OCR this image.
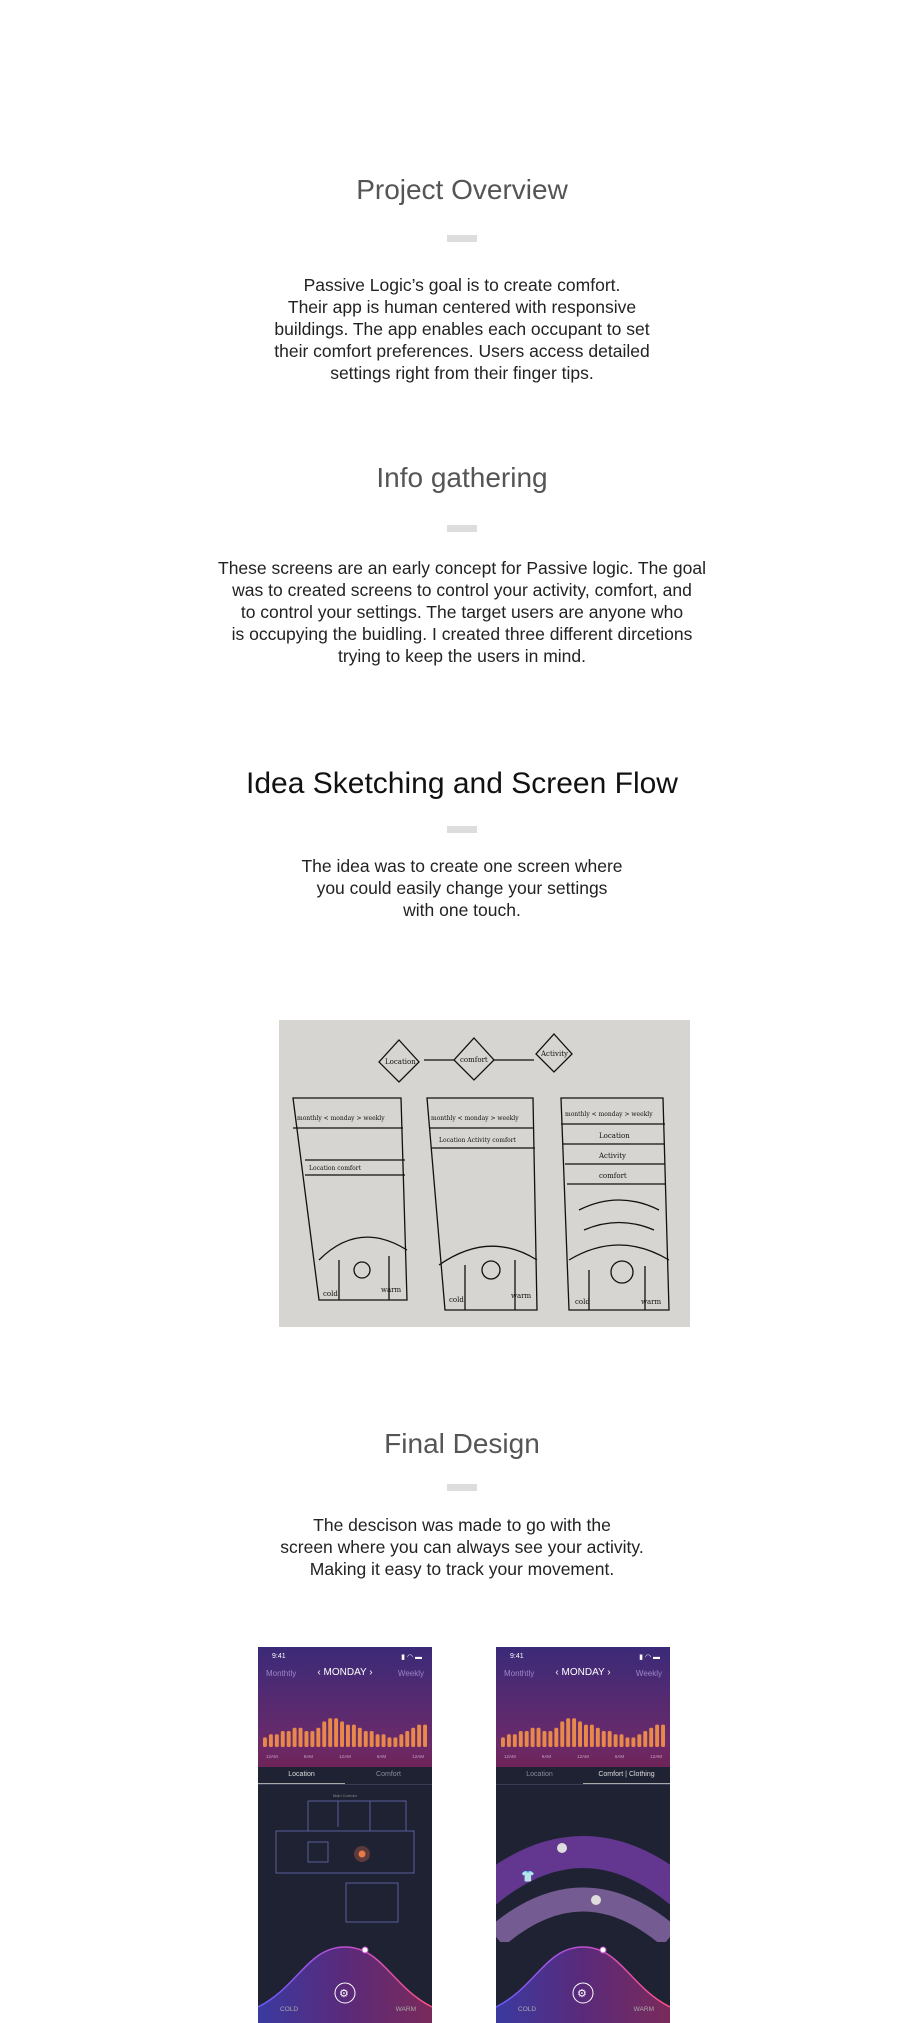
Project Overview
Passive Logic’s goal is to create comfort.
Their app is human centered with responsive
buildings. The app enables each occupant to set
their comfort preferences. Users access detailed
settings right from their finger tips.
Info gathering
These screens are an early concept for Passive logic. The goal
was to created screens to control your activity, comfort, and
to control your settings. The target users are anyone who
is occupying the buidling. I created three different dircetions
trying to keep the users in mind.
Idea Sketching and Screen Flow
The idea was to create one screen where
you could easily change your settings
with one touch.
Location	comfort
Activity
monthly < monday > weekly	monthly < monday > weekly
monthly < monday > weekly
Location comfort
Location Activity comfort
Location
Activity
comfort
cold	warm
cold	warm
cold	warm
Final Design
The descison was made to go with the
screen where you can always see your activity.
Making it easy to track your movement.
9:41	▮ ◠ ▬
Monthtly	‹ MONDAY ›	Weekly
12AM	6AM	12AM	6AM	12AM
Location	Comfort
Main Corridor
⚙
COLD	WARM
9:41	▮ ◠ ▬
Monthtly	‹ MONDAY ›	Weekly
12AM	6AM	12AM	6AM	12AM
Location	Comfort | Clothing
👕
⚙
COLD	WARM
